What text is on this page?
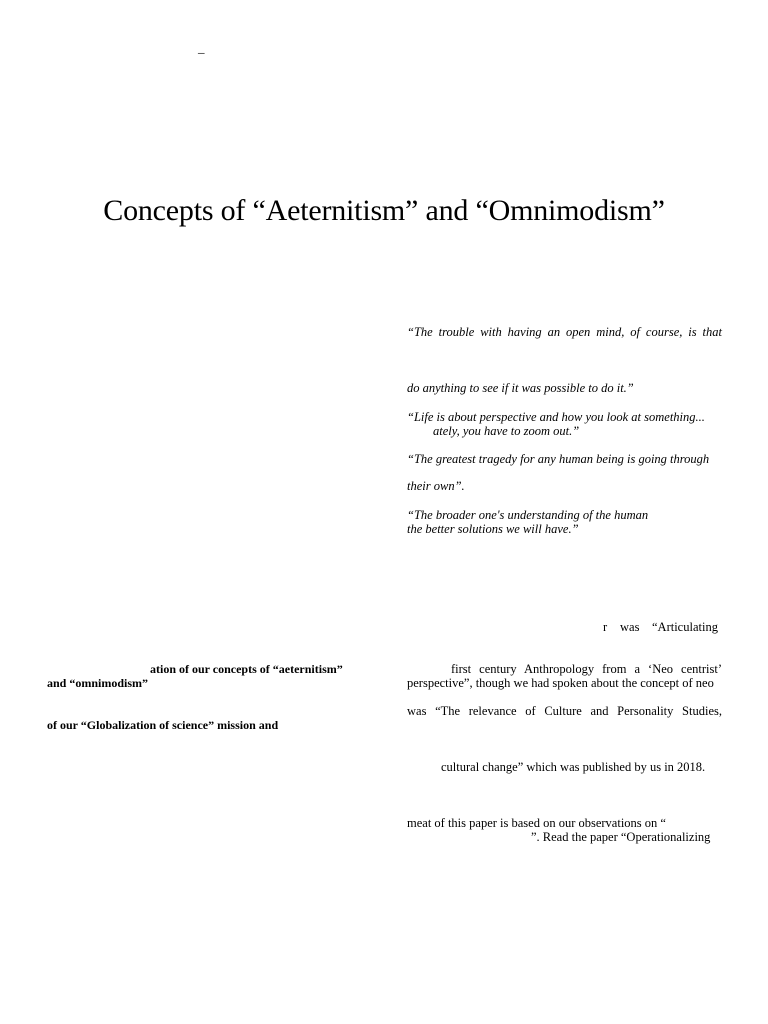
_
Concepts of “Aeternitism” and “Omnimodism”
“The trouble with having an open mind, of course, is that
do anything to see if it was possible to do it.”
“Life is about perspective and how you look at something...
ately, you have to zoom out.”
“The greatest tragedy for any human being is going through
their own”.
“The broader one's understanding of the human
the better solutions we will have.”
r was “Articulating
first century Anthropology from a ‘Neo centrist’
perspective”, though we had spoken about the concept of neo
was “The relevance of Culture and Personality Studies,
cultural change” which was published by us in 2018.
meat of this paper is based on our observations on “
”. Read the paper “Operationalizing
ation of our concepts of “aeternitism”
and “omnimodism”
of our “Globalization of science” mission and
